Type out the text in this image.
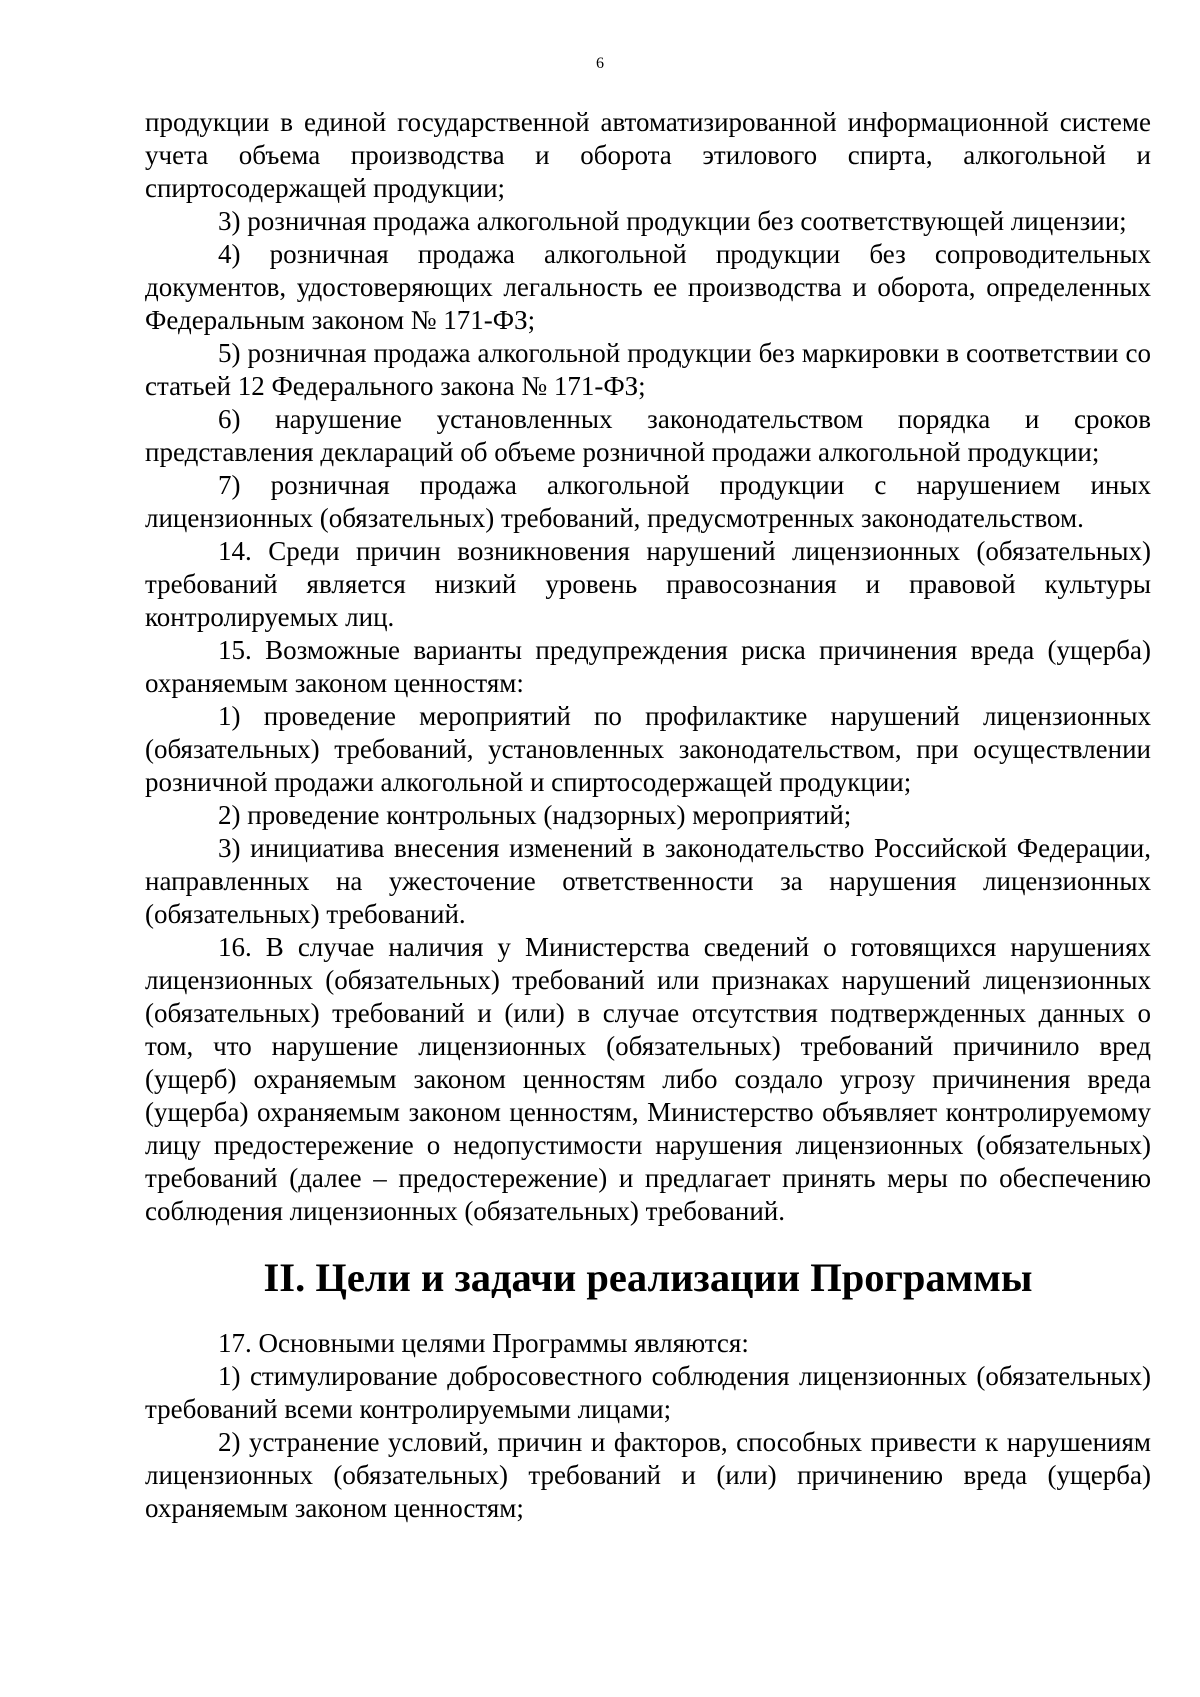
6

продукции в единой государственной автоматизированной информационной системе учета объема производства и оборота этилового спирта, алкогольной и спиртосодержащей продукции;

3) розничная продажа алкогольной продукции без соответствующей лицензии;

4) розничная продажа алкогольной продукции без сопроводительных документов, удостоверяющих легальность ее производства и оборота, определенных Федеральным законом № 171-ФЗ;

5) розничная продажа алкогольной продукции без маркировки в соответствии со статьей 12 Федерального закона № 171-ФЗ;

6) нарушение установленных законодательством порядка и сроков представления деклараций об объеме розничной продажи алкогольной продукции;

7) розничная продажа алкогольной продукции с нарушением иных лицензионных (обязательных) требований, предусмотренных законодательством.

14. Среди причин возникновения нарушений лицензионных (обязательных) требований является низкий уровень правосознания и правовой культуры контролируемых лиц.

15. Возможные варианты предупреждения риска причинения вреда (ущерба) охраняемым законом ценностям:

1) проведение мероприятий по профилактике нарушений лицензионных (обязательных) требований, установленных законодательством, при осуществлении розничной продажи алкогольной и спиртосодержащей продукции;

2) проведение контрольных (надзорных) мероприятий;

3) инициатива внесения изменений в законодательство Российской Федерации, направленных на ужесточение ответственности за нарушения лицензионных (обязательных) требований.

16. В случае наличия у Министерства сведений о готовящихся нарушениях лицензионных (обязательных) требований или признаках нарушений лицензионных (обязательных) требований и (или) в случае отсутствия подтвержденных данных о том, что нарушение лицензионных (обязательных) требований причинило вред (ущерб) охраняемым законом ценностям либо создало угрозу причинения вреда (ущерба) охраняемым законом ценностям, Министерство объявляет контролируемому лицу предостережение о недопустимости нарушения лицензионных (обязательных) требований (далее – предостережение) и предлагает принять меры по обеспечению соблюдения лицензионных (обязательных) требований.

II. Цели и задачи реализации Программы

17. Основными целями Программы являются:

1) стимулирование добросовестного соблюдения лицензионных (обязательных) требований всеми контролируемыми лицами;

2) устранение условий, причин и факторов, способных привести к нарушениям лицензионных (обязательных) требований и (или) причинению вреда (ущерба) охраняемым законом ценностям;
